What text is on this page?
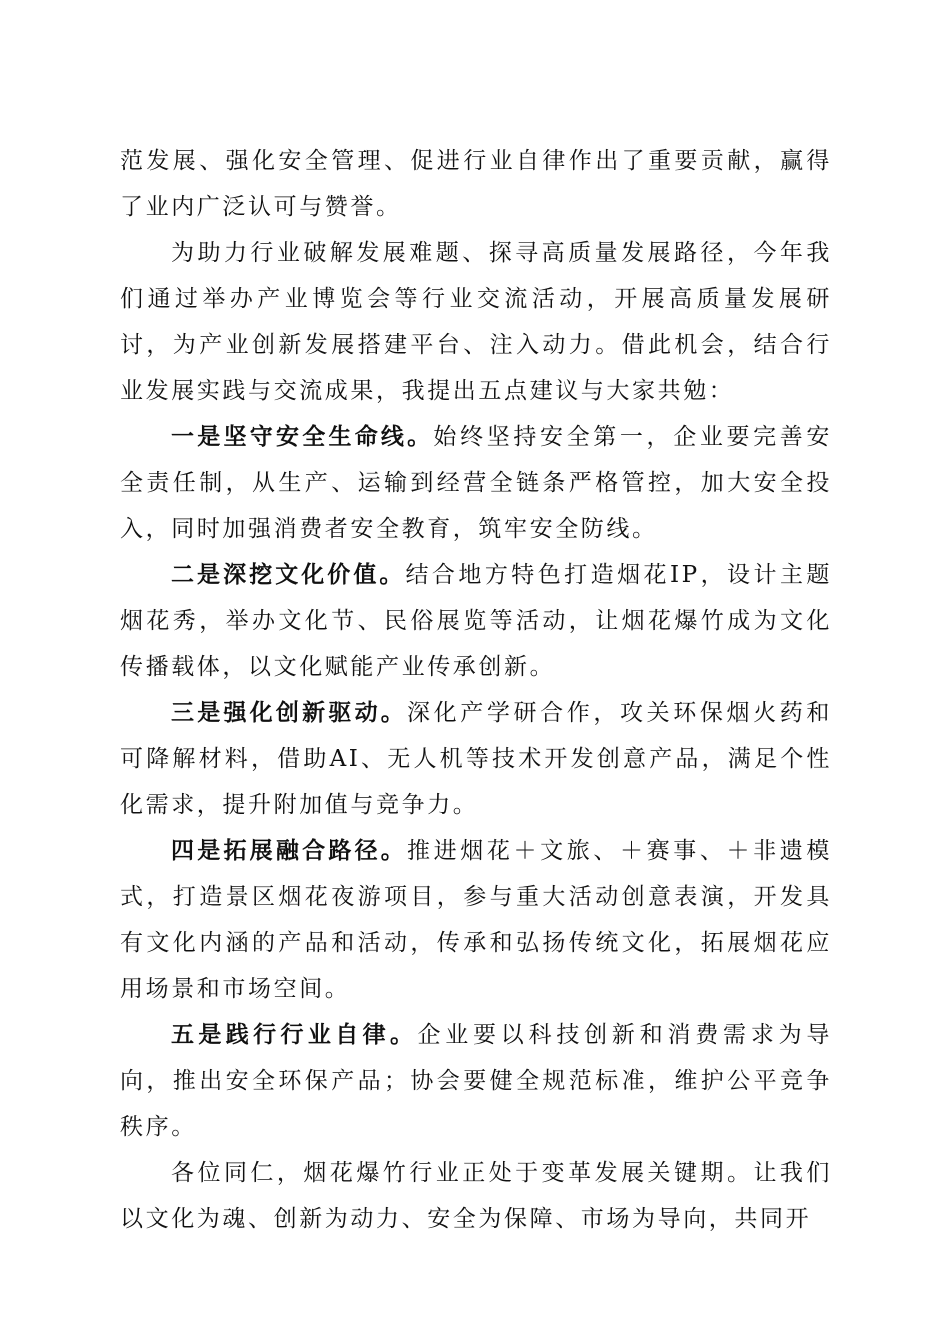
范发展、强化安全管理、促进行业自律作出了重要贡献，赢得了业内广泛认可与赞誉。

为助力行业破解发展难题、探寻高质量发展路径，今年我们通过举办产业博览会等行业交流活动，开展高质量发展研讨，为产业创新发展搭建平台、注入动力。借此机会，结合行业发展实践与交流成果，我提出五点建议与大家共勉：

一是坚守安全生命线。始终坚持安全第一，企业要完善安全责任制，从生产、运输到经营全链条严格管控，加大安全投入，同时加强消费者安全教育，筑牢安全防线。

二是深挖文化价值。结合地方特色打造烟花IP，设计主题烟花秀，举办文化节、民俗展览等活动，让烟花爆竹成为文化传播载体，以文化赋能产业传承创新。

三是强化创新驱动。深化产学研合作，攻关环保烟火药和可降解材料，借助AI、无人机等技术开发创意产品，满足个性化需求，提升附加值与竞争力。

四是拓展融合路径。推进烟花＋文旅、＋赛事、＋非遗模式，打造景区烟花夜游项目，参与重大活动创意表演，开发具有文化内涵的产品和活动，传承和弘扬传统文化，拓展烟花应用场景和市场空间。

五是践行行业自律。企业要以科技创新和消费需求为导向，推出安全环保产品；协会要健全规范标准，维护公平竞争秩序。

各位同仁，烟花爆竹行业正处于变革发展关键期。让我们以文化为魂、创新为动力、安全为保障、市场为导向，共同开
